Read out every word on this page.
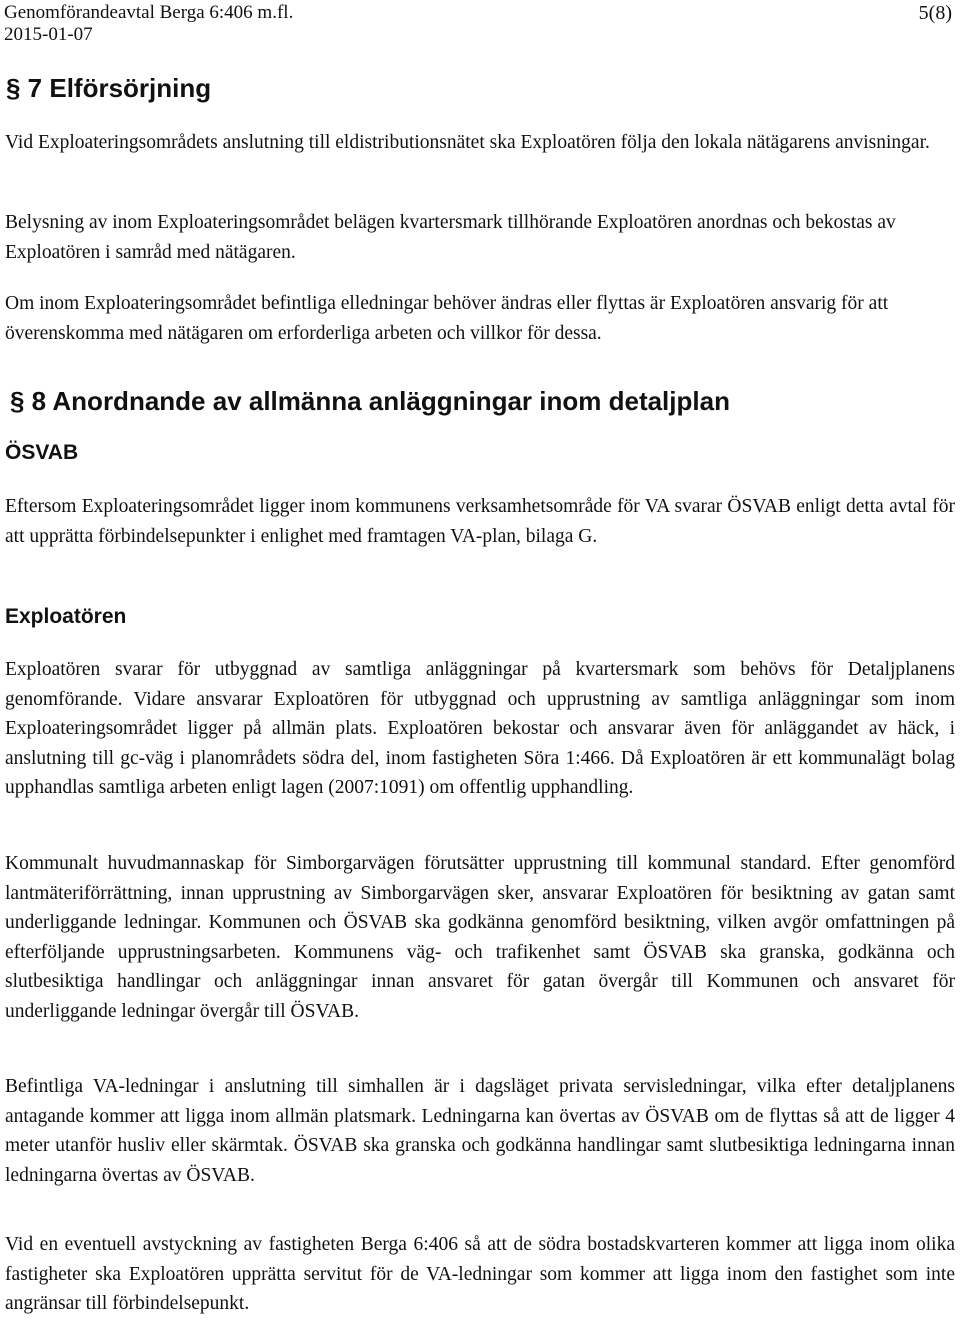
Genomförandeavtal Berga 6:406 m.fl.
2015-01-07
5(8)
§ 7 Elförsörjning

Vid Exploateringsområdets anslutning till eldistributionsnätet ska Exploatören följa den lokala nätägarens anvisningar.

Belysning av inom Exploateringsområdet belägen kvartersmark tillhörande Exploatören anordnas och bekostas av Exploatören i samråd med nätägaren.

Om inom Exploateringsområdet befintliga elledningar behöver ändras eller flyttas är Exploatören ansvarig för att överenskomma med nätägaren om erforderliga arbeten och villkor för dessa.

§ 8 Anordnande av allmänna anläggningar inom detaljplan
ÖSVAB

Eftersom Exploateringsområdet ligger inom kommunens verksamhetsområde för VA svarar ÖSVAB enligt detta avtal för att upprätta förbindelsepunkter i enlighet med framtagen VA-plan, bilaga G.

Exploatören

Exploatören svarar för utbyggnad av samtliga anläggningar på kvartersmark som behövs för Detaljplanens genomförande. Vidare ansvarar Exploatören för utbyggnad och upprustning av samtliga anläggningar som inom Exploateringsområdet ligger på allmän plats. Exploatören bekostar och ansvarar även för anläggandet av häck, i anslutning till gc-väg i planområdets södra del, inom fastigheten Söra 1:466. Då Exploatören är ett kommunalägt bolag upphandlas samtliga arbeten enligt lagen (2007:1091) om offentlig upphandling.

Kommunalt huvudmannaskap för Simborgarvägen förutsätter upprustning till kommunal standard. Efter genomförd lantmäteriförrättning, innan upprustning av Simborgarvägen sker, ansvarar Exploatören för besiktning av gatan samt underliggande ledningar. Kommunen och ÖSVAB ska godkänna genomförd besiktning, vilken avgör omfattningen på efterföljande upprustningsarbeten. Kommunens väg- och trafikenhet samt ÖSVAB ska granska, godkänna och slutbesiktiga handlingar och anläggningar innan ansvaret för gatan övergår till Kommunen och ansvaret för underliggande ledningar övergår till ÖSVAB.

Befintliga VA-ledningar i anslutning till simhallen är i dagsläget privata servisledningar, vilka efter detaljplanens antagande kommer att ligga inom allmän platsmark. Ledningarna kan övertas av ÖSVAB om de flyttas så att de ligger 4 meter utanför husliv eller skärmtak. ÖSVAB ska granska och godkänna handlingar samt slutbesiktiga ledningarna innan ledningarna övertas av ÖSVAB.

Vid en eventuell avstyckning av fastigheten Berga 6:406 så att de södra bostadskvarteren kommer att ligga inom olika fastigheter ska Exploatören upprätta servitut för de VA-ledningar som kommer att ligga inom den fastighet som inte angränsar till förbindelsepunkt.
